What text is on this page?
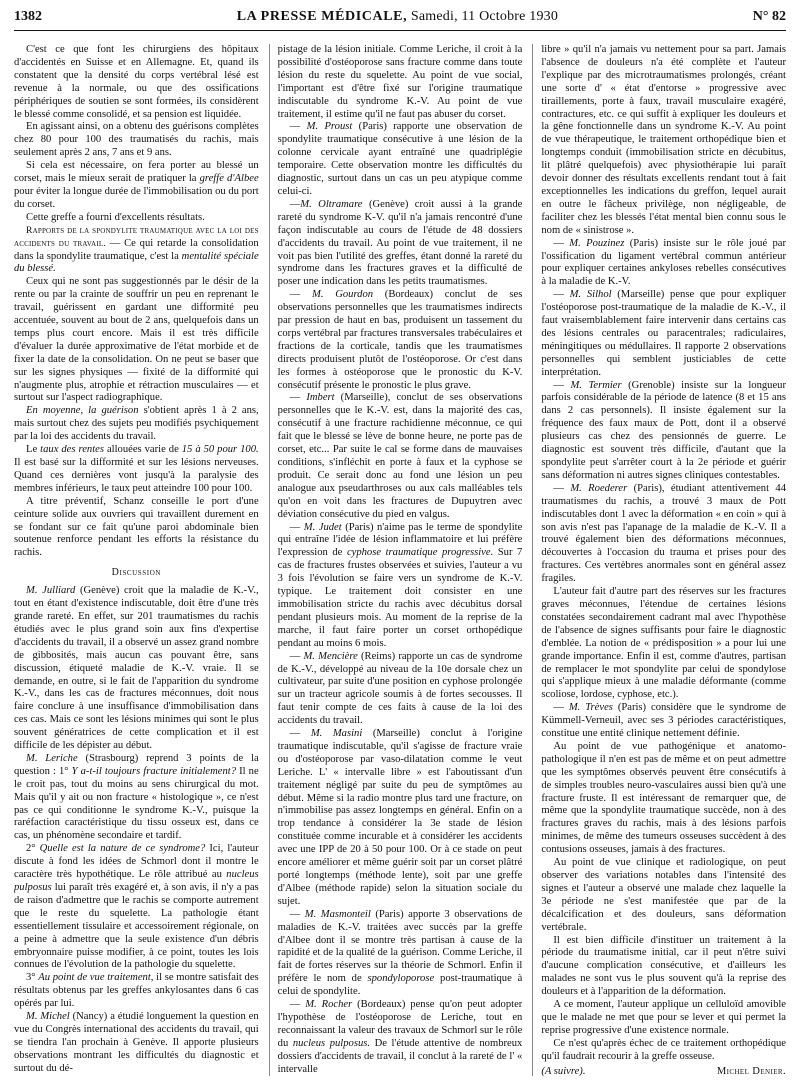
1382	LA PRESSE MÉDICALE, Samedi, 11 Octobre 1930	N° 82

C'est ce que font les chirurgiens des hôpitaux d'accidentés en Suisse et en Allemagne. Et, quand ils constatent que la densité du corps vertébral lésé est revenue à la normale, ou que des ossifications périphériques de soutien se sont formées, ils considèrent le blessé comme consolidé, et sa pension est liquidée.

En agissant ainsi, on a obtenu des guérisons complètes chez 80 pour 100 des traumatisés du rachis, mais seulement après 2 ans, 7 ans et 9 ans.

Si cela est nécessaire, on fera porter au blessé un corset, mais le mieux serait de pratiquer la greffe d'Albee pour éviter la longue durée de l'immobilisation ou du port du corset.

Cette greffe a fourni d'excellents résultats.

Rapports de la spondylite traumatique avec la loi des accidents du travail. — Ce qui retarde la consolidation dans la spondylite traumatique, c'est la mentalité spéciale du blessé.

Ceux qui ne sont pas suggestionnés par le désir de la rente ou par la crainte de souffrir un peu en reprenant le travail, guérissent en gardant une difformité peu accentuée, souvent au bout de 2 ans, quelquefois dans un temps plus court encore. Mais il est très difficile d'évaluer la durée approximative de l'état morbide et de fixer la date de la consolidation. On ne peut se baser que sur les signes physiques — fixité de la difformité qui n'augmente plus, atrophie et rétraction musculaires — et surtout sur l'aspect radiographique.

En moyenne, la guérison s'obtient après 1 à 2 ans, mais surtout chez des sujets peu modifiés psychiquement par la loi des accidents du travail.

Le taux des rentes allouées varie de 15 à 50 pour 100. Il est basé sur la difformité et sur les lésions nerveuses. Quand ces dernières vont jusqu'à la paralysie des membres inférieurs, le taux peut atteindre 100 pour 100.

A titre préventif, Schanz conseille le port d'une ceinture solide aux ouvriers qui travaillent durement en se fondant sur ce fait qu'une paroi abdominale bien soutenue renforce pendant les efforts la résistance du rachis.

Discussion

M. Julliard (Genève) croit que la maladie de K.-V., tout en étant d'existence indiscutable, doit être d'une très grande rareté. En effet, sur 201 traumatismes du rachis étudiés avec le plus grand soin aux fins d'expertise d'accidents du travail, il a observé un assez grand nombre de gibbosités, mais aucun cas pouvant être, sans discussion, étiqueté maladie de K.-V. vraie. Il se demande, en outre, si le fait de l'apparition du syndrome K.-V., dans les cas de fractures méconnues, doit nous faire conclure à une insuffisance d'immobilisation dans ces cas. Mais ce sont les lésions minimes qui sont le plus souvent génératrices de cette complication et il est difficile de les dépister au début.

M. Leriche (Strasbourg) reprend 3 points de la question : 1° Y a-t-il toujours fracture initialement? Il ne le croit pas, tout du moins au sens chirurgical du mot. Mais qu'il y ait ou non fracture « histologique », ce n'est pas ce qui conditionne le syndrome K.-V., puisque la raréfaction caractéristique du tissu osseux est, dans ce cas, un phénomène secondaire et tardif.

2° Quelle est la nature de ce syndrome? Ici, l'auteur discute à fond les idées de Schmorl dont il montre le caractère très hypothétique. Le rôle attribué au nucleus pulposus lui paraît très exagéré et, à son avis, il n'y a pas de raison d'admettre que le rachis se comporte autrement que le reste du squelette. La pathologie étant essentiellement tissulaire et accessoirement régionale, on a peine à admettre que la seule existence d'un débris embryonnaire puisse modifier, à ce point, toutes les lois connues de l'évolution de la pathologie du squelette.

3° Au point de vue traitement, il se montre satisfait des résultats obtenus par les greffes ankylosantes dans 6 cas opérés par lui.

M. Michel (Nancy) a étudié longuement la question en vue du Congrès international des accidents du travail, qui se tiendra l'an prochain à Genève. Il apporte plusieurs observations montrant les difficultés du diagnostic et surtout du dé-

pistage de la lésion initiale. Comme Leriche, il croit à la possibilité d'ostéoporose sans fracture comme dans toute lésion du reste du squelette. Au point de vue social, l'important est d'être fixé sur l'origine traumatique indiscutable du syndrome K.-V. Au point de vue traitement, il estime qu'il ne faut pas abuser du corset.

— M. Proust (Paris) rapporte une observation de spondylite traumatique consécutive à une lésion de la colonne cervicale ayant entraîné une quadriplégie temporaire. Cette observation montre les difficultés du diagnostic, surtout dans un cas un peu atypique comme celui-ci.

—M. Oltramare (Genève) croit aussi à la grande rareté du syndrome K-V. qu'il n'a jamais rencontré d'une façon indiscutable au cours de l'étude de 48 dossiers d'accidents du travail. Au point de vue traitement, il ne voit pas bien l'utilité des greffes, étant donné la rareté du syndrome dans les fractures graves et la difficulté de poser une indication dans les petits traumatismes.

— M. Gourdon (Bordeaux) conclut de ses observations personnelles que les traumatismes indirects par pression de haut en bas, produisent un tassement du corps vertébral par fractures transversales trabéculaires et fractions de la corticale, tandis que les traumatismes directs produisent plutôt de l'ostéoporose. Or c'est dans les formes à ostéoporose que le pronostic du K-V. consécutif présente le pronostic le plus grave.

— Imbert (Marseille), conclut de ses observations personnelles que le K.-V. est, dans la majorité des cas, consécutif à une fracture rachidienne méconnue, ce qui fait que le blessé se lève de bonne heure, ne porte pas de corset, etc... Par suite le cal se forme dans de mauvaises conditions, s'infléchit en porte à faux et la cyphose se produit. Ce serait donc au fond une lésion un peu analogue aux pseudarthroses ou aux cals malléables tels qu'on en voit dans les fractures de Dupuytren avec déviation consécutive du pied en valgus.

— M. Judet (Paris) n'aime pas le terme de spondylite qui entraîne l'idée de lésion inflammatoire et lui préfère l'expression de cyphose traumatique progressive. Sur 7 cas de fractures frustes observées et suivies, l'auteur a vu 3 fois l'évolution se faire vers un syndrome de K.-V. typique. Le traitement doit consister en une immobilisation stricte du rachis avec décubitus dorsal pendant plusieurs mois. Au moment de la reprise de la marche, il faut faire porter un corset orthopédique pendant au moins 6 mois.

— M. Mencière (Reims) rapporte un cas de syndrome de K.-V., développé au niveau de la 10e dorsale chez un cultivateur, par suite d'une position en cyphose prolongée sur un tracteur agricole soumis à de fortes secousses. Il faut tenir compte de ces faits à cause de la loi des accidents du travail.

— M. Masini (Marseille) conclut à l'origine traumatique indiscutable, qu'il s'agisse de fracture vraie ou d'ostéoporose par vaso-dilatation comme le veut Leriche. L' « intervalle libre » est l'aboutissant d'un traitement négligé par suite du peu de symptômes au début. Même si la radio montre plus tard une fracture, on n'immobilise pas assez longtemps en général. Enfin on a trop tendance à considérer la 3e stade de lésion constituée comme incurable et à considérer les accidents avec une IPP de 20 à 50 pour 100. Or à ce stade on peut encore améliorer et même guérir soit par un corset plâtré porté longtemps (méthode lente), soit par une greffe d'Albee (méthode rapide) selon la situation sociale du sujet.

— M. Masmonteil (Paris) apporte 3 observations de maladies de K.-V. traitées avec succès par la greffe d'Albee dont il se montre très partisan à cause de la rapidité et de la qualité de la guérison. Comme Leriche, il fait de fortes réserves sur la théorie de Schmorl. Enfin il préfère le nom de spondyloporose post-traumatique à celui de spondylite.

— M. Rocher (Bordeaux) pense qu'on peut adopter l'hypothèse de l'ostéoporose de Leriche, tout en reconnaissant la valeur des travaux de Schmorl sur le rôle du nucleus pulposus. De l'étude attentive de nombreux dossiers d'accidents de travail, il conclut à la rareté de l' « intervalle

libre » qu'il n'a jamais vu nettement pour sa part. Jamais l'absence de douleurs n'a été complète et l'auteur l'explique par des microtraumatismes prolongés, créant une sorte d' « état d'entorse » progressive avec tiraillements, porte à faux, travail musculaire exagéré, contractures, etc. ce qui suffit à expliquer les douleurs et la gêne fonctionnelle dans un syndrome K.-V. Au point de vue thérapeutique, le traitement orthopédique bien et longtemps conduit (immobilisation stricte en décubitus, lit plâtré quelquefois) avec physiothérapie lui paraît devoir donner des résultats excellents rendant tout à fait exceptionnelles les indications du greffon, lequel aurait en outre le fâcheux privilège, non négligeable, de faciliter chez les blessés l'état mental bien connu sous le nom de « sinistrose ».

— M. Pouzinez (Paris) insiste sur le rôle joué par l'ossification du ligament vertébral commun antérieur pour expliquer certaines ankyloses rebelles consécutives à la maladie de K.-V.

— M. Silhol (Marseille) pense que pour expliquer l'ostéoporose post-traumatique de la maladie de K.-V., il faut vraisemblablement faire intervenir dans certains cas des lésions centrales ou paracentrales; radiculaires, méningitiques ou médullaires. Il rapporte 2 observations personnelles qui semblent justiciables de cette interprétation.

— M. Termier (Grenoble) insiste sur la longueur parfois considérable de la période de latence (8 et 15 ans dans 2 cas personnels). Il insiste également sur la fréquence des faux maux de Pott, dont il a observé plusieurs cas chez des pensionnés de guerre. Le diagnostic est souvent très difficile, d'autant que la spondylite peut s'arrêter court à la 2e période et guérir sans déformation ni autres signes cliniques contestables.

— M. Roederer (Paris), étudiant attentivement 44 traumatismes du rachis, a trouvé 3 maux de Pott indiscutables dont 1 avec la déformation « en coin » qui à son avis n'est pas l'apanage de la maladie de K.-V. Il a trouvé également bien des déformations méconnues, découvertes à l'occasion du trauma et prises pour des fractures. Ces vertèbres anormales sont en général assez fragiles.

L'auteur fait d'autre part des réserves sur les fractures graves méconnues, l'étendue de certaines lésions constatées secondairement cadrant mal avec l'hypothèse de l'absence de signes suffisants pour faire le diagnostic d'emblée. La notion de « prédisposition » a pour lui une grande importance. Enfin il est, comme d'autres, partisan de remplacer le mot spondylite par celui de spondylose qui s'applique mieux à une maladie déformante (comme scoliose, lordose, cyphose, etc.).

— M. Trèves (Paris) considère que le syndrome de Kümmell-Verneuil, avec ses 3 périodes caractéristiques, constitue une entité clinique nettement définie.

Au point de vue pathogénique et anatomo-pathologique il n'en est pas de même et on peut admettre que les symptômes observés peuvent être consécutifs à de simples troubles neuro-vasculaires aussi bien qu'à une fracture fruste. Il est intéressant de remarquer que, de même que la spondylite traumatique succède, non à des fractures graves du rachis, mais à des lésions parfois minimes, de même des tumeurs osseuses succèdent à des contusions osseuses, jamais à des fractures.

Au point de vue clinique et radiologique, on peut observer des variations notables dans l'intensité des signes et l'auteur a observé une malade chez laquelle la 3e période ne s'est manifestée que par de la décalcification et des douleurs, sans déformation vertébrale.

Il est bien difficile d'instituer un traitement à la période du traumatisme initial, car il peut n'être suivi d'aucune complication consécutive, et d'ailleurs les malades ne sont vus le plus souvent qu'à la reprise des douleurs et à l'apparition de la déformation.

A ce moment, l'auteur applique un celluloïd amovible que le malade ne met que pour se lever et qui permet la reprise progressive d'une existence normale.

Ce n'est qu'après échec de ce traitement orthopédique qu'il faudrait recourir à la greffe osseuse.

(A suivre).	Michel Denier.
